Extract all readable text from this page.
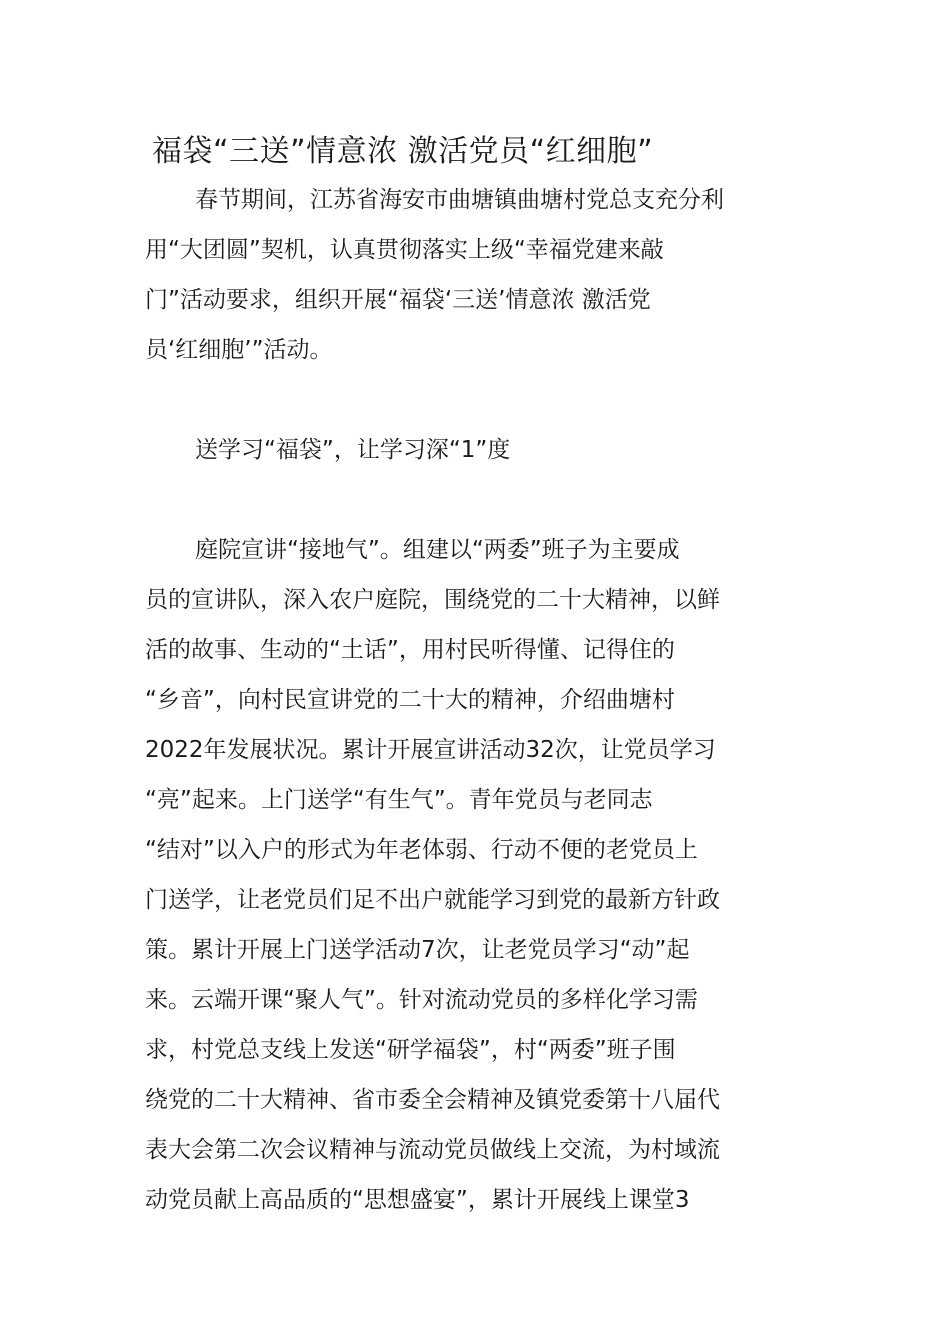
福袋“三送”情意浓 激活党员“红细胞”
春节期间，江苏省海安市曲塘镇曲塘村党总支充分利
用“大团圆”契机，认真贯彻落实上级“幸福党建来敲
门”活动要求，组织开展“福袋‘三送’情意浓 激活党
员‘红细胞’”活动。
送学习“福袋”，让学习深“1”度
庭院宣讲“接地气”。组建以“两委”班子为主要成
员的宣讲队，深入农户庭院，围绕党的二十大精神，以鲜
活的故事、生动的“土话”，用村民听得懂、记得住的
“乡音”，向村民宣讲党的二十大的精神，介绍曲塘村
2022年发展状况。累计开展宣讲活动32次，让党员学习
“亮”起来。上门送学“有生气”。青年党员与老同志
“结对”以入户的形式为年老体弱、行动不便的老党员上
门送学，让老党员们足不出户就能学习到党的最新方针政
策。累计开展上门送学活动7次，让老党员学习“动”起
来。云端开课“聚人气”。针对流动党员的多样化学习需
求，村党总支线上发送“研学福袋”，村“两委”班子围
绕党的二十大精神、省市委全会精神及镇党委第十八届代
表大会第二次会议精神与流动党员做线上交流，为村域流
动党员献上高品质的“思想盛宴”，累计开展线上课堂3
